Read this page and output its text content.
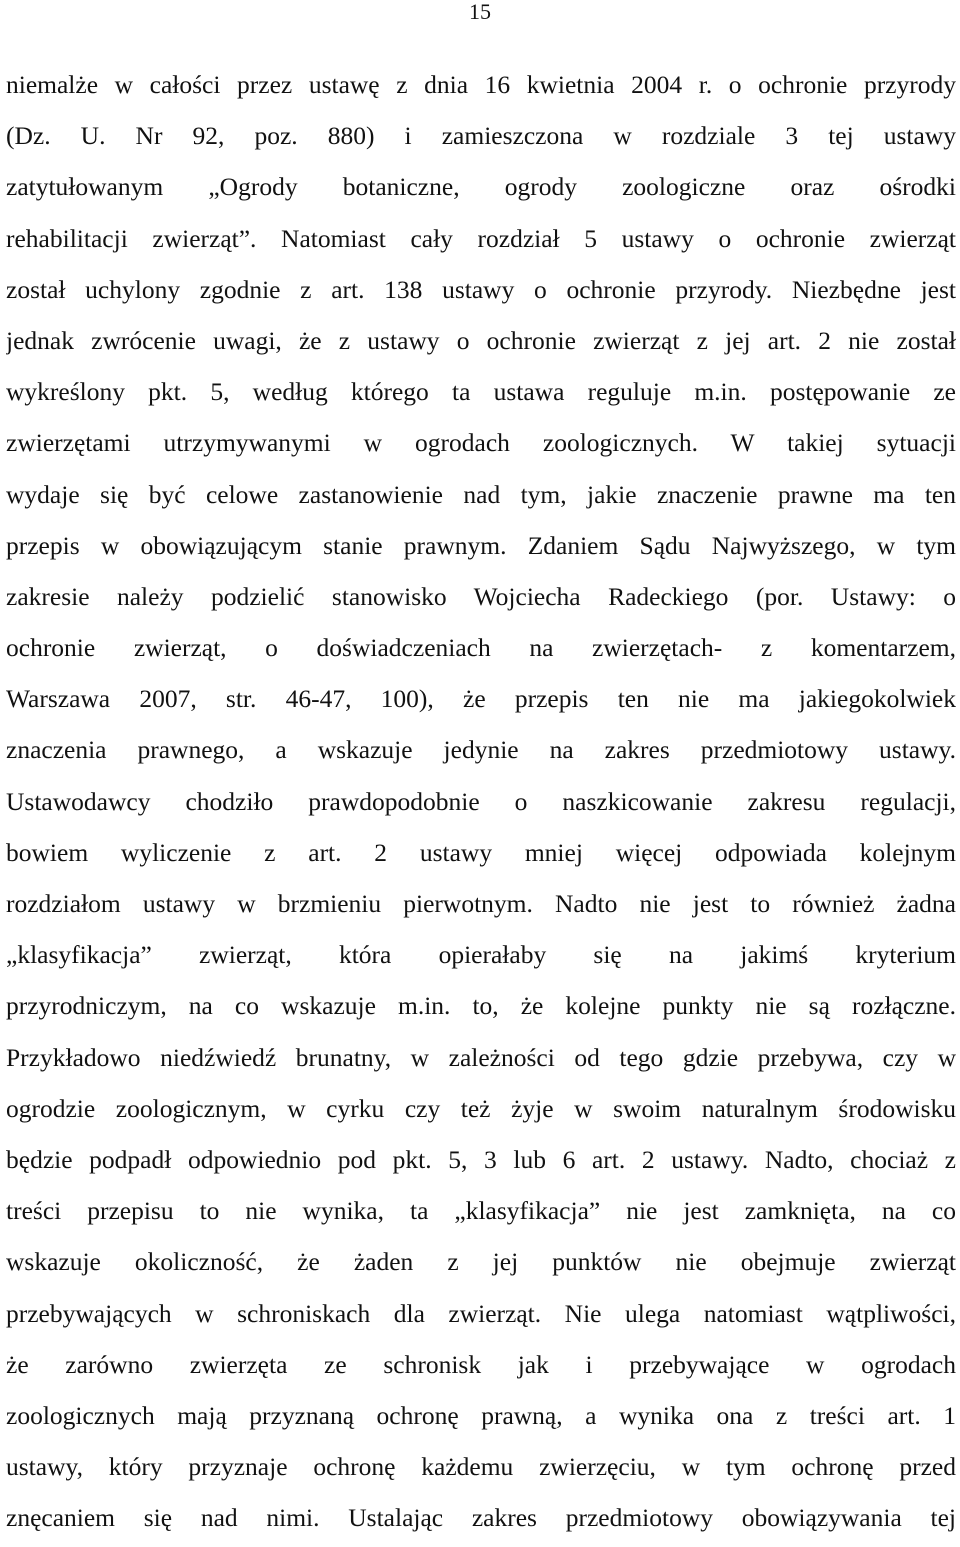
15
niemalże w całości przez ustawę z dnia 16 kwietnia 2004 r. o ochronie przyrody
(Dz. U. Nr 92, poz. 880) i zamieszczona w rozdziale 3 tej ustawy
zatytułowanym „Ogrody botaniczne, ogrody zoologiczne oraz ośrodki
rehabilitacji zwierząt”. Natomiast cały rozdział 5 ustawy o ochronie zwierząt
został uchylony zgodnie z art. 138 ustawy o ochronie przyrody. Niezbędne jest
jednak zwrócenie uwagi, że z ustawy o ochronie zwierząt z jej art. 2 nie został
wykreślony pkt. 5, według którego ta ustawa reguluje m.in. postępowanie ze
zwierzętami utrzymywanymi w ogrodach zoologicznych. W takiej sytuacji
wydaje się być celowe zastanowienie nad tym, jakie znaczenie prawne ma ten
przepis w obowiązującym stanie prawnym. Zdaniem Sądu Najwyższego, w tym
zakresie należy podzielić stanowisko Wojciecha Radeckiego (por. Ustawy: o
ochronie zwierząt, o doświadczeniach na zwierzętach- z komentarzem,
Warszawa 2007, str. 46-47, 100), że przepis ten nie ma jakiegokolwiek
znaczenia prawnego, a wskazuje jedynie na zakres przedmiotowy ustawy.
Ustawodawcy chodziło prawdopodobnie o naszkicowanie zakresu regulacji,
bowiem wyliczenie z art. 2 ustawy mniej więcej odpowiada kolejnym
rozdziałom ustawy w brzmieniu pierwotnym. Nadto nie jest to również żadna
„klasyfikacja” zwierząt, która opierałaby się na jakimś kryterium
przyrodniczym, na co wskazuje m.in. to, że kolejne punkty nie są rozłączne.
Przykładowo niedźwiedź brunatny, w zależności od tego gdzie przebywa, czy w
ogrodzie zoologicznym, w cyrku czy też żyje w swoim naturalnym środowisku
będzie podpadł odpowiednio pod pkt. 5, 3 lub 6 art. 2 ustawy. Nadto, chociaż z
treści przepisu to nie wynika, ta „klasyfikacja” nie jest zamknięta, na co
wskazuje okoliczność, że żaden z jej punktów nie obejmuje zwierząt
przebywających w schroniskach dla zwierząt. Nie ulega natomiast wątpliwości,
że zarówno zwierzęta ze schronisk jak i przebywające w ogrodach
zoologicznych mają przyznaną ochronę prawną, a wynika ona z treści art. 1
ustawy, który przyznaje ochronę każdemu zwierzęciu, w tym ochronę przed
znęcaniem się nad nimi. Ustalając zakres przedmiotowy obowiązywania tej
